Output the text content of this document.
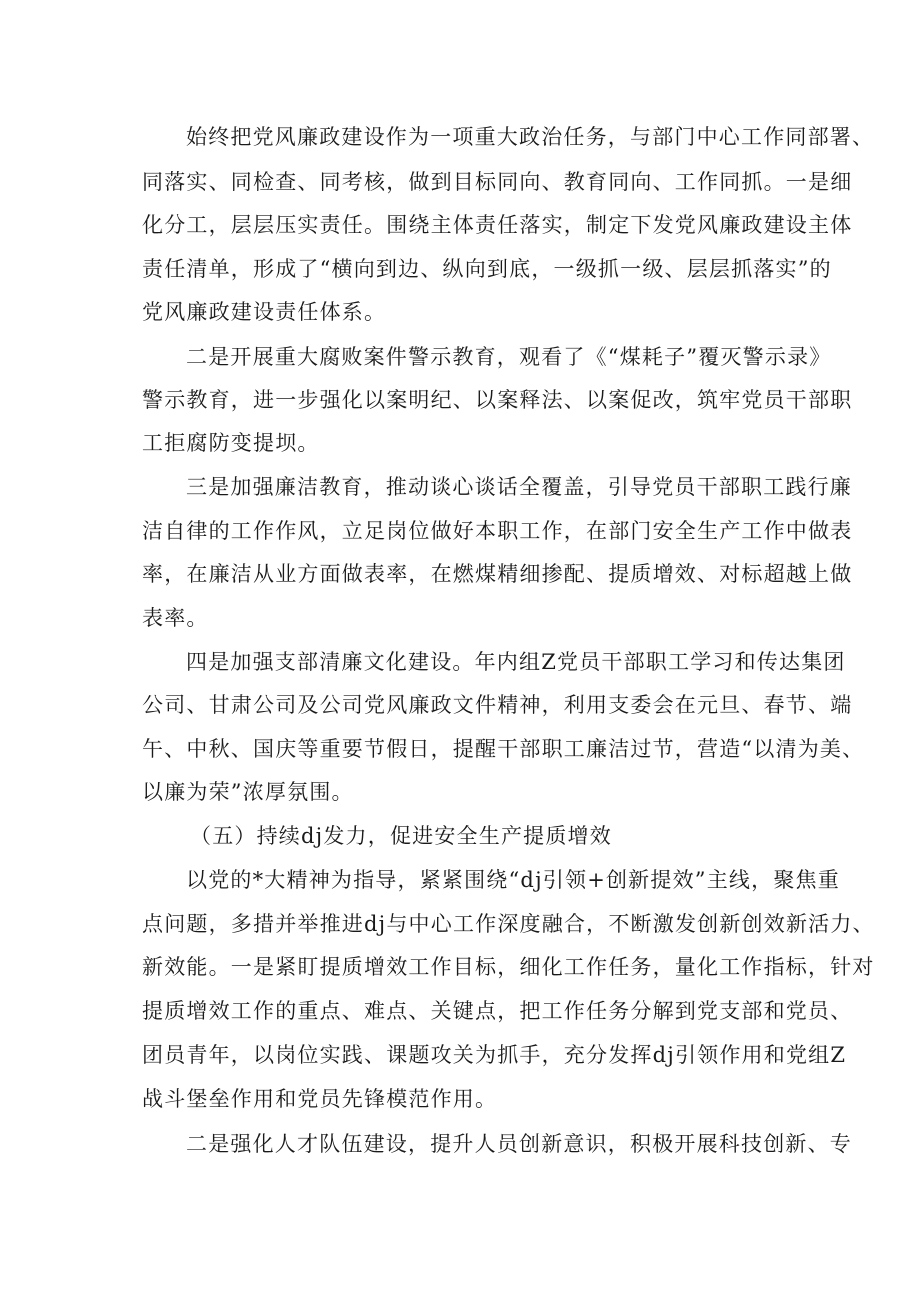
始终把党风廉政建设作为一项重大政治任务，与部门中心工作同部署、
同落实、同检查、同考核，做到目标同向、教育同向、工作同抓。一是细
化分工，层层压实责任。围绕主体责任落实，制定下发党风廉政建设主体
责任清单，形成了“横向到边、纵向到底，一级抓一级、层层抓落实”的
党风廉政建设责任体系。
二是开展重大腐败案件警示教育，观看了《“煤耗子”覆灭警示录》
警示教育，进一步强化以案明纪、以案释法、以案促改，筑牢党员干部职
工拒腐防变提坝。
三是加强廉洁教育，推动谈心谈话全覆盖，引导党员干部职工践行廉
洁自律的工作作风，立足岗位做好本职工作，在部门安全生产工作中做表
率，在廉洁从业方面做表率，在燃煤精细掺配、提质增效、对标超越上做
表率。
四是加强支部清廉文化建设。年内组Z党员干部职工学习和传达集团
公司、甘肃公司及公司党风廉政文件精神，利用支委会在元旦、春节、端
午、中秋、国庆等重要节假日，提醒干部职工廉洁过节，营造“以清为美、
以廉为荣”浓厚氛围。
（五）持续dj发力，促进安全生产提质增效
以党的*大精神为指导，紧紧围绕“dj引领+创新提效”主线，聚焦重
点问题，多措并举推进dj与中心工作深度融合，不断激发创新创效新活力、
新效能。一是紧盯提质增效工作目标，细化工作任务，量化工作指标，针对
提质增效工作的重点、难点、关键点，把工作任务分解到党支部和党员、
团员青年，以岗位实践、课题攻关为抓手，充分发挥dj引领作用和党组Z
战斗堡垒作用和党员先锋模范作用。
二是强化人才队伍建设，提升人员创新意识，积极开展科技创新、专
